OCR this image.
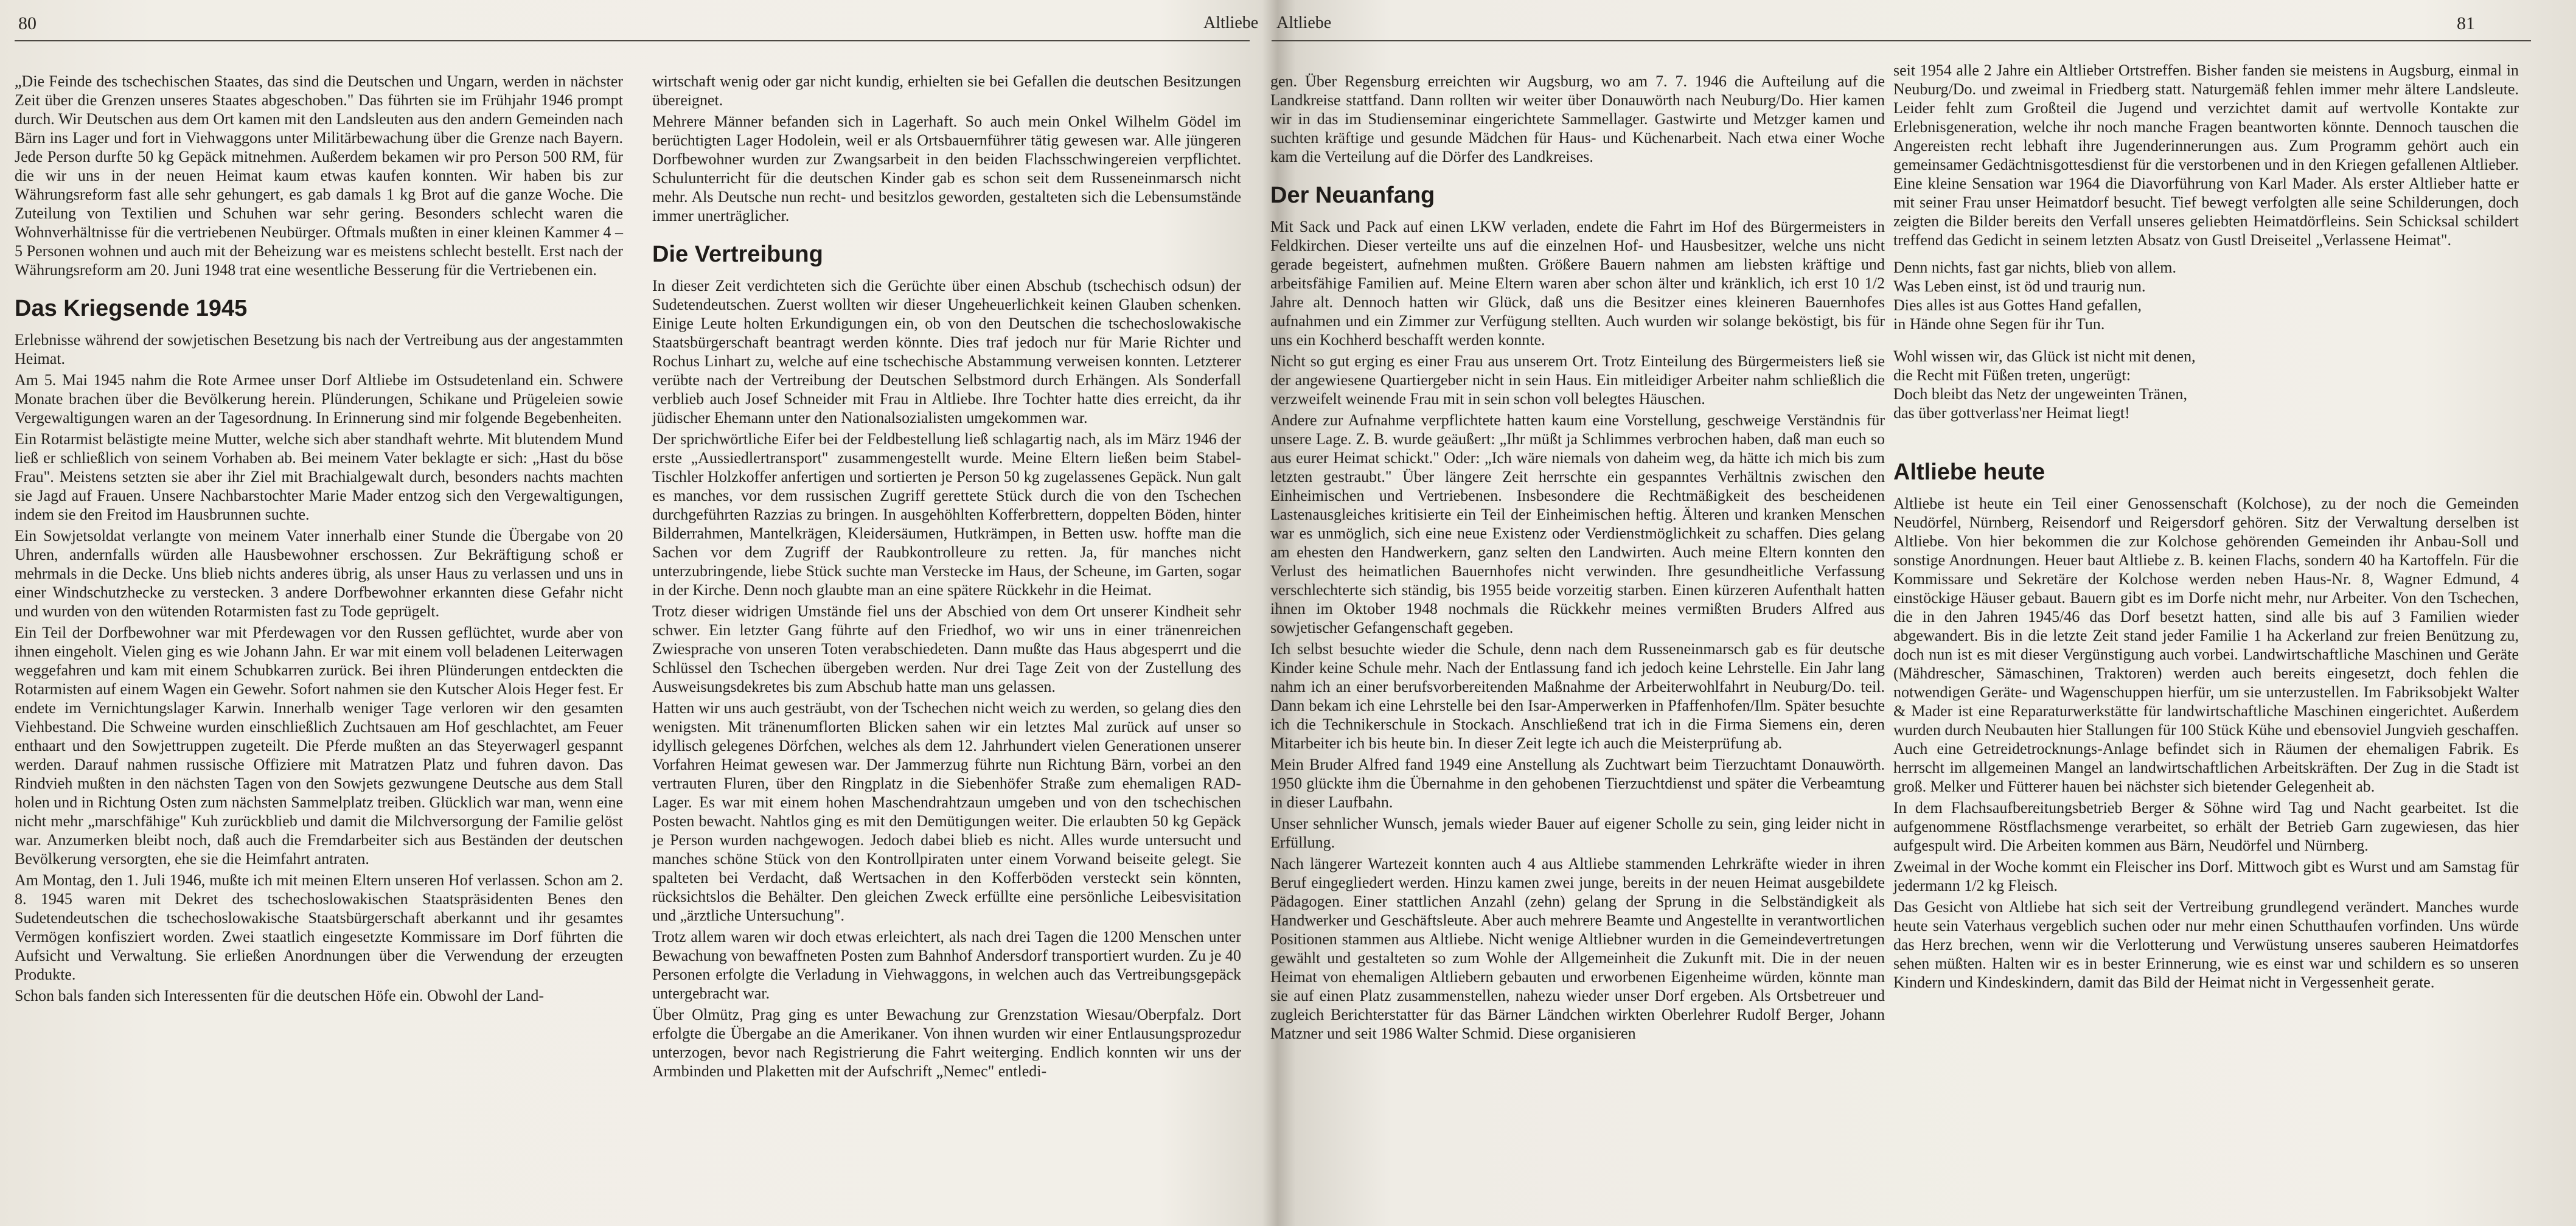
80	Altliebe

„Die Feinde des tschechischen Staates, das sind die Deutschen und Ungarn, werden in nächster Zeit über die Grenzen unseres Staates abgeschoben." Das führten sie im Frühjahr 1946 prompt durch. Wir Deutschen aus dem Ort kamen mit den Landsleuten aus den andern Gemeinden nach Bärn ins Lager und fort in Viehwaggons unter Militärbewachung über die Grenze nach Bayern. Jede Person durfte 50 kg Gepäck mitnehmen. Außerdem bekamen wir pro Person 500 RM, für die wir uns in der neuen Heimat kaum etwas kaufen konnten. Wir haben bis zur Währungsreform fast alle sehr gehungert, es gab damals 1 kg Brot auf die ganze Woche. Die Zuteilung von Textilien und Schuhen war sehr gering. Besonders schlecht waren die Wohnverhältnisse für die vertriebenen Neubürger. Oftmals mußten in einer kleinen Kammer 4 – 5 Personen wohnen und auch mit der Beheizung war es meistens schlecht bestellt. Erst nach der Währungsreform am 20. Juni 1948 trat eine wesentliche Besserung für die Vertriebenen ein.

Das Kriegsende 1945

Erlebnisse während der sowjetischen Besetzung bis nach der Vertreibung aus der angestammten Heimat.

Am 5. Mai 1945 nahm die Rote Armee unser Dorf Altliebe im Ostsudetenland ein. Schwere Monate brachen über die Bevölkerung herein. Plünderungen, Schikane und Prügeleien sowie Vergewaltigungen waren an der Tagesordnung. In Erinnerung sind mir folgende Begebenheiten.

Ein Rotarmist belästigte meine Mutter, welche sich aber standhaft wehrte. Mit blutendem Mund ließ er schließlich von seinem Vorhaben ab. Bei meinem Vater beklagte er sich: „Hast du böse Frau". Meistens setzten sie aber ihr Ziel mit Brachialgewalt durch, besonders nachts machten sie Jagd auf Frauen. Unsere Nachbarstochter Marie Mader entzog sich den Vergewaltigungen, indem sie den Freitod im Hausbrunnen suchte.

Ein Sowjetsoldat verlangte von meinem Vater innerhalb einer Stunde die Übergabe von 20 Uhren, andernfalls würden alle Hausbewohner erschossen. Zur Bekräftigung schoß er mehrmals in die Decke. Uns blieb nichts anderes übrig, als unser Haus zu verlassen und uns in einer Windschutzhecke zu verstecken. 3 andere Dorfbewohner erkannten diese Gefahr nicht und wurden von den wütenden Rotarmisten fast zu Tode geprügelt.

Ein Teil der Dorfbewohner war mit Pferdewagen vor den Russen geflüchtet, wurde aber von ihnen eingeholt. Vielen ging es wie Johann Jahn. Er war mit einem voll beladenen Leiterwagen weggefahren und kam mit einem Schubkarren zurück. Bei ihren Plünderungen entdeckten die Rotarmisten auf einem Wagen ein Gewehr. Sofort nahmen sie den Kutscher Alois Heger fest. Er endete im Vernichtungslager Karwin. Innerhalb weniger Tage verloren wir den gesamten Viehbestand. Die Schweine wurden einschließlich Zuchtsauen am Hof geschlachtet, am Feuer enthaart und den Sowjettruppen zugeteilt. Die Pferde mußten an das Steyerwagerl gespannt werden. Darauf nahmen russische Offiziere mit Matratzen Platz und fuhren davon. Das Rindvieh mußten in den nächsten Tagen von den Sowjets gezwungene Deutsche aus dem Stall holen und in Richtung Osten zum nächsten Sammelplatz treiben. Glücklich war man, wenn eine nicht mehr „marschfähige" Kuh zurückblieb und damit die Milchversorgung der Familie gelöst war. Anzumerken bleibt noch, daß auch die Fremdarbeiter sich aus Beständen der deutschen Bevölkerung versorgten, ehe sie die Heimfahrt antraten.

Am Montag, den 1. Juli 1946, mußte ich mit meinen Eltern unseren Hof verlassen. Schon am 2. 8. 1945 waren mit Dekret des tschechoslowakischen Staatspräsidenten Benes den Sudetendeutschen die tschechoslowakische Staatsbürgerschaft aberkannt und ihr gesamtes Vermögen konfisziert worden. Zwei staatlich eingesetzte Kommissare im Dorf führten die Aufsicht und Verwaltung. Sie erließen Anordnungen über die Verwendung der erzeugten Produkte.

Schon bals fanden sich Interessenten für die deutschen Höfe ein. Obwohl der Land-

wirtschaft wenig oder gar nicht kundig, erhielten sie bei Gefallen die deutschen Besitzungen übereignet.

Mehrere Männer befanden sich in Lagerhaft. So auch mein Onkel Wilhelm Gödel im berüchtigten Lager Hodolein, weil er als Ortsbauernführer tätig gewesen war. Alle jüngeren Dorfbewohner wurden zur Zwangsarbeit in den beiden Flachsschwingereien verpflichtet. Schulunterricht für die deutschen Kinder gab es schon seit dem Russeneinmarsch nicht mehr. Als Deutsche nun recht- und besitzlos geworden, gestalteten sich die Lebensumstände immer unerträglicher.

Die Vertreibung

In dieser Zeit verdichteten sich die Gerüchte über einen Abschub (tschechisch odsun) der Sudetendeutschen. Zuerst wollten wir dieser Ungeheuerlichkeit keinen Glauben schenken. Einige Leute holten Erkundigungen ein, ob von den Deutschen die tschechoslowakische Staatsbürgerschaft beantragt werden könnte. Dies traf jedoch nur für Marie Richter und Rochus Linhart zu, welche auf eine tschechische Abstammung verweisen konnten. Letzterer verübte nach der Vertreibung der Deutschen Selbstmord durch Erhängen. Als Sonderfall verblieb auch Josef Schneider mit Frau in Altliebe. Ihre Tochter hatte dies erreicht, da ihr jüdischer Ehemann unter den Nationalsozialisten umgekommen war.

Der sprichwörtliche Eifer bei der Feldbestellung ließ schlagartig nach, als im März 1946 der erste „Aussiedlertransport" zusammengestellt wurde. Meine Eltern ließen beim Stabel-Tischler Holzkoffer anfertigen und sortierten je Person 50 kg zugelassenes Gepäck. Nun galt es manches, vor dem russischen Zugriff gerettete Stück durch die von den Tschechen durchgeführten Razzias zu bringen. In ausgehöhlten Kofferbrettern, doppelten Böden, hinter Bilderrahmen, Mantelkrägen, Kleidersäumen, Hutkrämpen, in Betten usw. hoffte man die Sachen vor dem Zugriff der Raubkontrolleure zu retten. Ja, für manches nicht unterzubringende, liebe Stück suchte man Verstecke im Haus, der Scheune, im Garten, sogar in der Kirche. Denn noch glaubte man an eine spätere Rückkehr in die Heimat.

Trotz dieser widrigen Umstände fiel uns der Abschied von dem Ort unserer Kindheit sehr schwer. Ein letzter Gang führte auf den Friedhof, wo wir uns in einer tränenreichen Zwiesprache von unseren Toten verabschiedeten. Dann mußte das Haus abgesperrt und die Schlüssel den Tschechen übergeben werden. Nur drei Tage Zeit von der Zustellung des Ausweisungsdekretes bis zum Abschub hatte man uns gelassen.

Hatten wir uns auch gesträubt, von der Tschechen nicht weich zu werden, so gelang dies den wenigsten. Mit tränenumflorten Blicken sahen wir ein letztes Mal zurück auf unser so idyllisch gelegenes Dörfchen, welches als dem 12. Jahrhundert vielen Generationen unserer Vorfahren Heimat gewesen war. Der Jammerzug führte nun Richtung Bärn, vorbei an den vertrauten Fluren, über den Ringplatz in die Siebenhöfer Straße zum ehemaligen RAD-Lager. Es war mit einem hohen Maschendrahtzaun umgeben und von den tschechischen Posten bewacht. Nahtlos ging es mit den Demütigungen weiter. Die erlaubten 50 kg Gepäck je Person wurden nachgewogen. Jedoch dabei blieb es nicht. Alles wurde untersucht und manches schöne Stück von den Kontrollpiraten unter einem Vorwand beiseite gelegt. Sie spalteten bei Verdacht, daß Wertsachen in den Kofferböden versteckt sein könnten, rücksichtslos die Behälter. Den gleichen Zweck erfüllte eine persönliche Leibesvisitation und „ärztliche Untersuchung".

Trotz allem waren wir doch etwas erleichtert, als nach drei Tagen die 1200 Menschen unter Bewachung von bewaffneten Posten zum Bahnhof Andersdorf transportiert wurden. Zu je 40 Personen erfolgte die Verladung in Viehwaggons, in welchen auch das Vertreibungsgepäck untergebracht war.

Über Olmütz, Prag ging es unter Bewachung zur Grenzstation Wiesau/Oberpfalz. Dort erfolgte die Übergabe an die Amerikaner. Von ihnen wurden wir einer Entlausungsprozedur unterzogen, bevor nach Registrierung die Fahrt weiterging. Endlich konnten wir uns der Armbinden und Plaketten mit der Aufschrift „Nemec" entledi-

Altliebe	81

gen. Über Regensburg erreichten wir Augsburg, wo am 7. 7. 1946 die Aufteilung auf die Landkreise stattfand. Dann rollten wir weiter über Donauwörth nach Neuburg/Do. Hier kamen wir in das im Studienseminar eingerichtete Sammellager. Gastwirte und Metzger kamen und suchten kräftige und gesunde Mädchen für Haus- und Küchenarbeit. Nach etwa einer Woche kam die Verteilung auf die Dörfer des Landkreises.

Der Neuanfang

Mit Sack und Pack auf einen LKW verladen, endete die Fahrt im Hof des Bürgermeisters in Feldkirchen. Dieser verteilte uns auf die einzelnen Hof- und Hausbesitzer, welche uns nicht gerade begeistert, aufnehmen mußten. Größere Bauern nahmen am liebsten kräftige und arbeitsfähige Familien auf. Meine Eltern waren aber schon älter und kränklich, ich erst 10 1/2 Jahre alt. Dennoch hatten wir Glück, daß uns die Besitzer eines kleineren Bauernhofes aufnahmen und ein Zimmer zur Verfügung stellten. Auch wurden wir solange beköstigt, bis für uns ein Kochherd beschafft werden konnte.

Nicht so gut erging es einer Frau aus unserem Ort. Trotz Einteilung des Bürgermeisters ließ sie der angewiesene Quartiergeber nicht in sein Haus. Ein mitleidiger Arbeiter nahm schließlich die verzweifelt weinende Frau mit in sein schon voll belegtes Häuschen.

Andere zur Aufnahme verpflichtete hatten kaum eine Vorstellung, geschweige Verständnis für unsere Lage. Z. B. wurde geäußert: „Ihr müßt ja Schlimmes verbrochen haben, daß man euch so aus eurer Heimat schickt." Oder: „Ich wäre niemals von daheim weg, da hätte ich mich bis zum letzten gestraubt." Über längere Zeit herrschte ein gespanntes Verhältnis zwischen den Einheimischen und Vertriebenen. Insbesondere die Rechtmäßigkeit des bescheidenen Lastenausgleiches kritisierte ein Teil der Einheimischen heftig. Älteren und kranken Menschen war es unmöglich, sich eine neue Existenz oder Verdienstmöglichkeit zu schaffen. Dies gelang am ehesten den Handwerkern, ganz selten den Landwirten. Auch meine Eltern konnten den Verlust des heimatlichen Bauernhofes nicht verwinden. Ihre gesundheitliche Verfassung verschlechterte sich ständig, bis 1955 beide vorzeitig starben. Einen kürzeren Aufenthalt hatten ihnen im Oktober 1948 nochmals die Rückkehr meines vermißten Bruders Alfred aus sowjetischer Gefangenschaft gegeben.

Ich selbst besuchte wieder die Schule, denn nach dem Russeneinmarsch gab es für deutsche Kinder keine Schule mehr. Nach der Entlassung fand ich jedoch keine Lehrstelle. Ein Jahr lang nahm ich an einer berufsvorbereitenden Maßnahme der Arbeiterwohlfahrt in Neuburg/Do. teil. Dann bekam ich eine Lehrstelle bei den Isar-Amperwerken in Pfaffenhofen/Ilm. Später besuchte ich die Technikerschule in Stockach. Anschließend trat ich in die Firma Siemens ein, deren Mitarbeiter ich bis heute bin. In dieser Zeit legte ich auch die Meisterprüfung ab.

Mein Bruder Alfred fand 1949 eine Anstellung als Zuchtwart beim Tierzuchtamt Donauwörth. 1950 glückte ihm die Übernahme in den gehobenen Tierzuchtdienst und später die Verbeamtung in dieser Laufbahn.

Unser sehnlicher Wunsch, jemals wieder Bauer auf eigener Scholle zu sein, ging leider nicht in Erfüllung.

Nach längerer Wartezeit konnten auch 4 aus Altliebe stammenden Lehrkräfte wieder in ihren Beruf eingegliedert werden. Hinzu kamen zwei junge, bereits in der neuen Heimat ausgebildete Pädagogen. Einer stattlichen Anzahl (zehn) gelang der Sprung in die Selbständigkeit als Handwerker und Geschäftsleute. Aber auch mehrere Beamte und Angestellte in verantwortlichen Positionen stammen aus Altliebe. Nicht wenige Altliebner wurden in die Gemeindevertretungen gewählt und gestalteten so zum Wohle der Allgemeinheit die Zukunft mit. Die in der neuen Heimat von ehemaligen Altliebern gebauten und erworbenen Eigenheime würden, könnte man sie auf einen Platz zusammenstellen, nahezu wieder unser Dorf ergeben. Als Ortsbetreuer und zugleich Berichterstatter für das Bärner Ländchen wirkten Oberlehrer Rudolf Berger, Johann Matzner und seit 1986 Walter Schmid. Diese organisieren

seit 1954 alle 2 Jahre ein Altlieber Ortstreffen. Bisher fanden sie meistens in Augsburg, einmal in Neuburg/Do. und zweimal in Friedberg statt. Naturgemäß fehlen immer mehr ältere Landsleute. Leider fehlt zum Großteil die Jugend und verzichtet damit auf wertvolle Kontakte zur Erlebnisgeneration, welche ihr noch manche Fragen beantworten könnte. Dennoch tauschen die Angereisten recht lebhaft ihre Jugenderinnerungen aus. Zum Programm gehört auch ein gemeinsamer Gedächtnisgottesdienst für die verstorbenen und in den Kriegen gefallenen Altlieber. Eine kleine Sensation war 1964 die Diavorführung von Karl Mader. Als erster Altlieber hatte er mit seiner Frau unser Heimatdorf besucht. Tief bewegt verfolgten alle seine Schilderungen, doch zeigten die Bilder bereits den Verfall unseres geliebten Heimatdörfleins. Sein Schicksal schildert treffend das Gedicht in seinem letzten Absatz von Gustl Dreiseitel „Verlassene Heimat".

Denn nichts, fast gar nichts, blieb von allem.
Was Leben einst, ist öd und traurig nun.
Dies alles ist aus Gottes Hand gefallen,
in Hände ohne Segen für ihr Tun.
Wohl wissen wir, das Glück ist nicht mit denen,
die Recht mit Füßen treten, ungerügt:
Doch bleibt das Netz der ungeweinten Tränen,
das über gottverlass'ner Heimat liegt!
Altliebe heute

Altliebe ist heute ein Teil einer Genossenschaft (Kolchose), zu der noch die Gemeinden Neudörfel, Nürnberg, Reisendorf und Reigersdorf gehören. Sitz der Verwaltung derselben ist Altliebe. Von hier bekommen die zur Kolchose gehörenden Gemeinden ihr Anbau-Soll und sonstige Anordnungen. Heuer baut Altliebe z. B. keinen Flachs, sondern 40 ha Kartoffeln. Für die Kommissare und Sekretäre der Kolchose werden neben Haus-Nr. 8, Wagner Edmund, 4 einstöckige Häuser gebaut. Bauern gibt es im Dorfe nicht mehr, nur Arbeiter. Von den Tschechen, die in den Jahren 1945/46 das Dorf besetzt hatten, sind alle bis auf 3 Familien wieder abgewandert. Bis in die letzte Zeit stand jeder Familie 1 ha Ackerland zur freien Benützung zu, doch nun ist es mit dieser Vergünstigung auch vorbei. Landwirtschaftliche Maschinen und Geräte (Mähdrescher, Sämaschinen, Traktoren) werden auch bereits eingesetzt, doch fehlen die notwendigen Geräte- und Wagenschuppen hierfür, um sie unterzustellen. Im Fabriksobjekt Walter & Mader ist eine Reparaturwerkstätte für landwirtschaftliche Maschinen eingerichtet. Außerdem wurden durch Neubauten hier Stallungen für 100 Stück Kühe und ebensoviel Jungvieh geschaffen. Auch eine Getreidetrocknungs-Anlage befindet sich in Räumen der ehemaligen Fabrik. Es herrscht im allgemeinen Mangel an landwirtschaftlichen Arbeitskräften. Der Zug in die Stadt ist groß. Melker und Fütterer hauen bei nächster sich bietender Gelegenheit ab.

In dem Flachsaufbereitungsbetrieb Berger & Söhne wird Tag und Nacht gearbeitet. Ist die aufgenommene Röstflachsmenge verarbeitet, so erhält der Betrieb Garn zugewiesen, das hier aufgespult wird. Die Arbeiten kommen aus Bärn, Neudörfel und Nürnberg.

Zweimal in der Woche kommt ein Fleischer ins Dorf. Mittwoch gibt es Wurst und am Samstag für jedermann 1/2 kg Fleisch.

Das Gesicht von Altliebe hat sich seit der Vertreibung grundlegend verändert. Manches wurde heute sein Vaterhaus vergeblich suchen oder nur mehr einen Schutthaufen vorfinden. Uns würde das Herz brechen, wenn wir die Verlotterung und Verwüstung unseres sauberen Heimatdorfes sehen müßten. Halten wir es in bester Erinnerung, wie es einst war und schildern es so unseren Kindern und Kindeskindern, damit das Bild der Heimat nicht in Vergessenheit gerate.
